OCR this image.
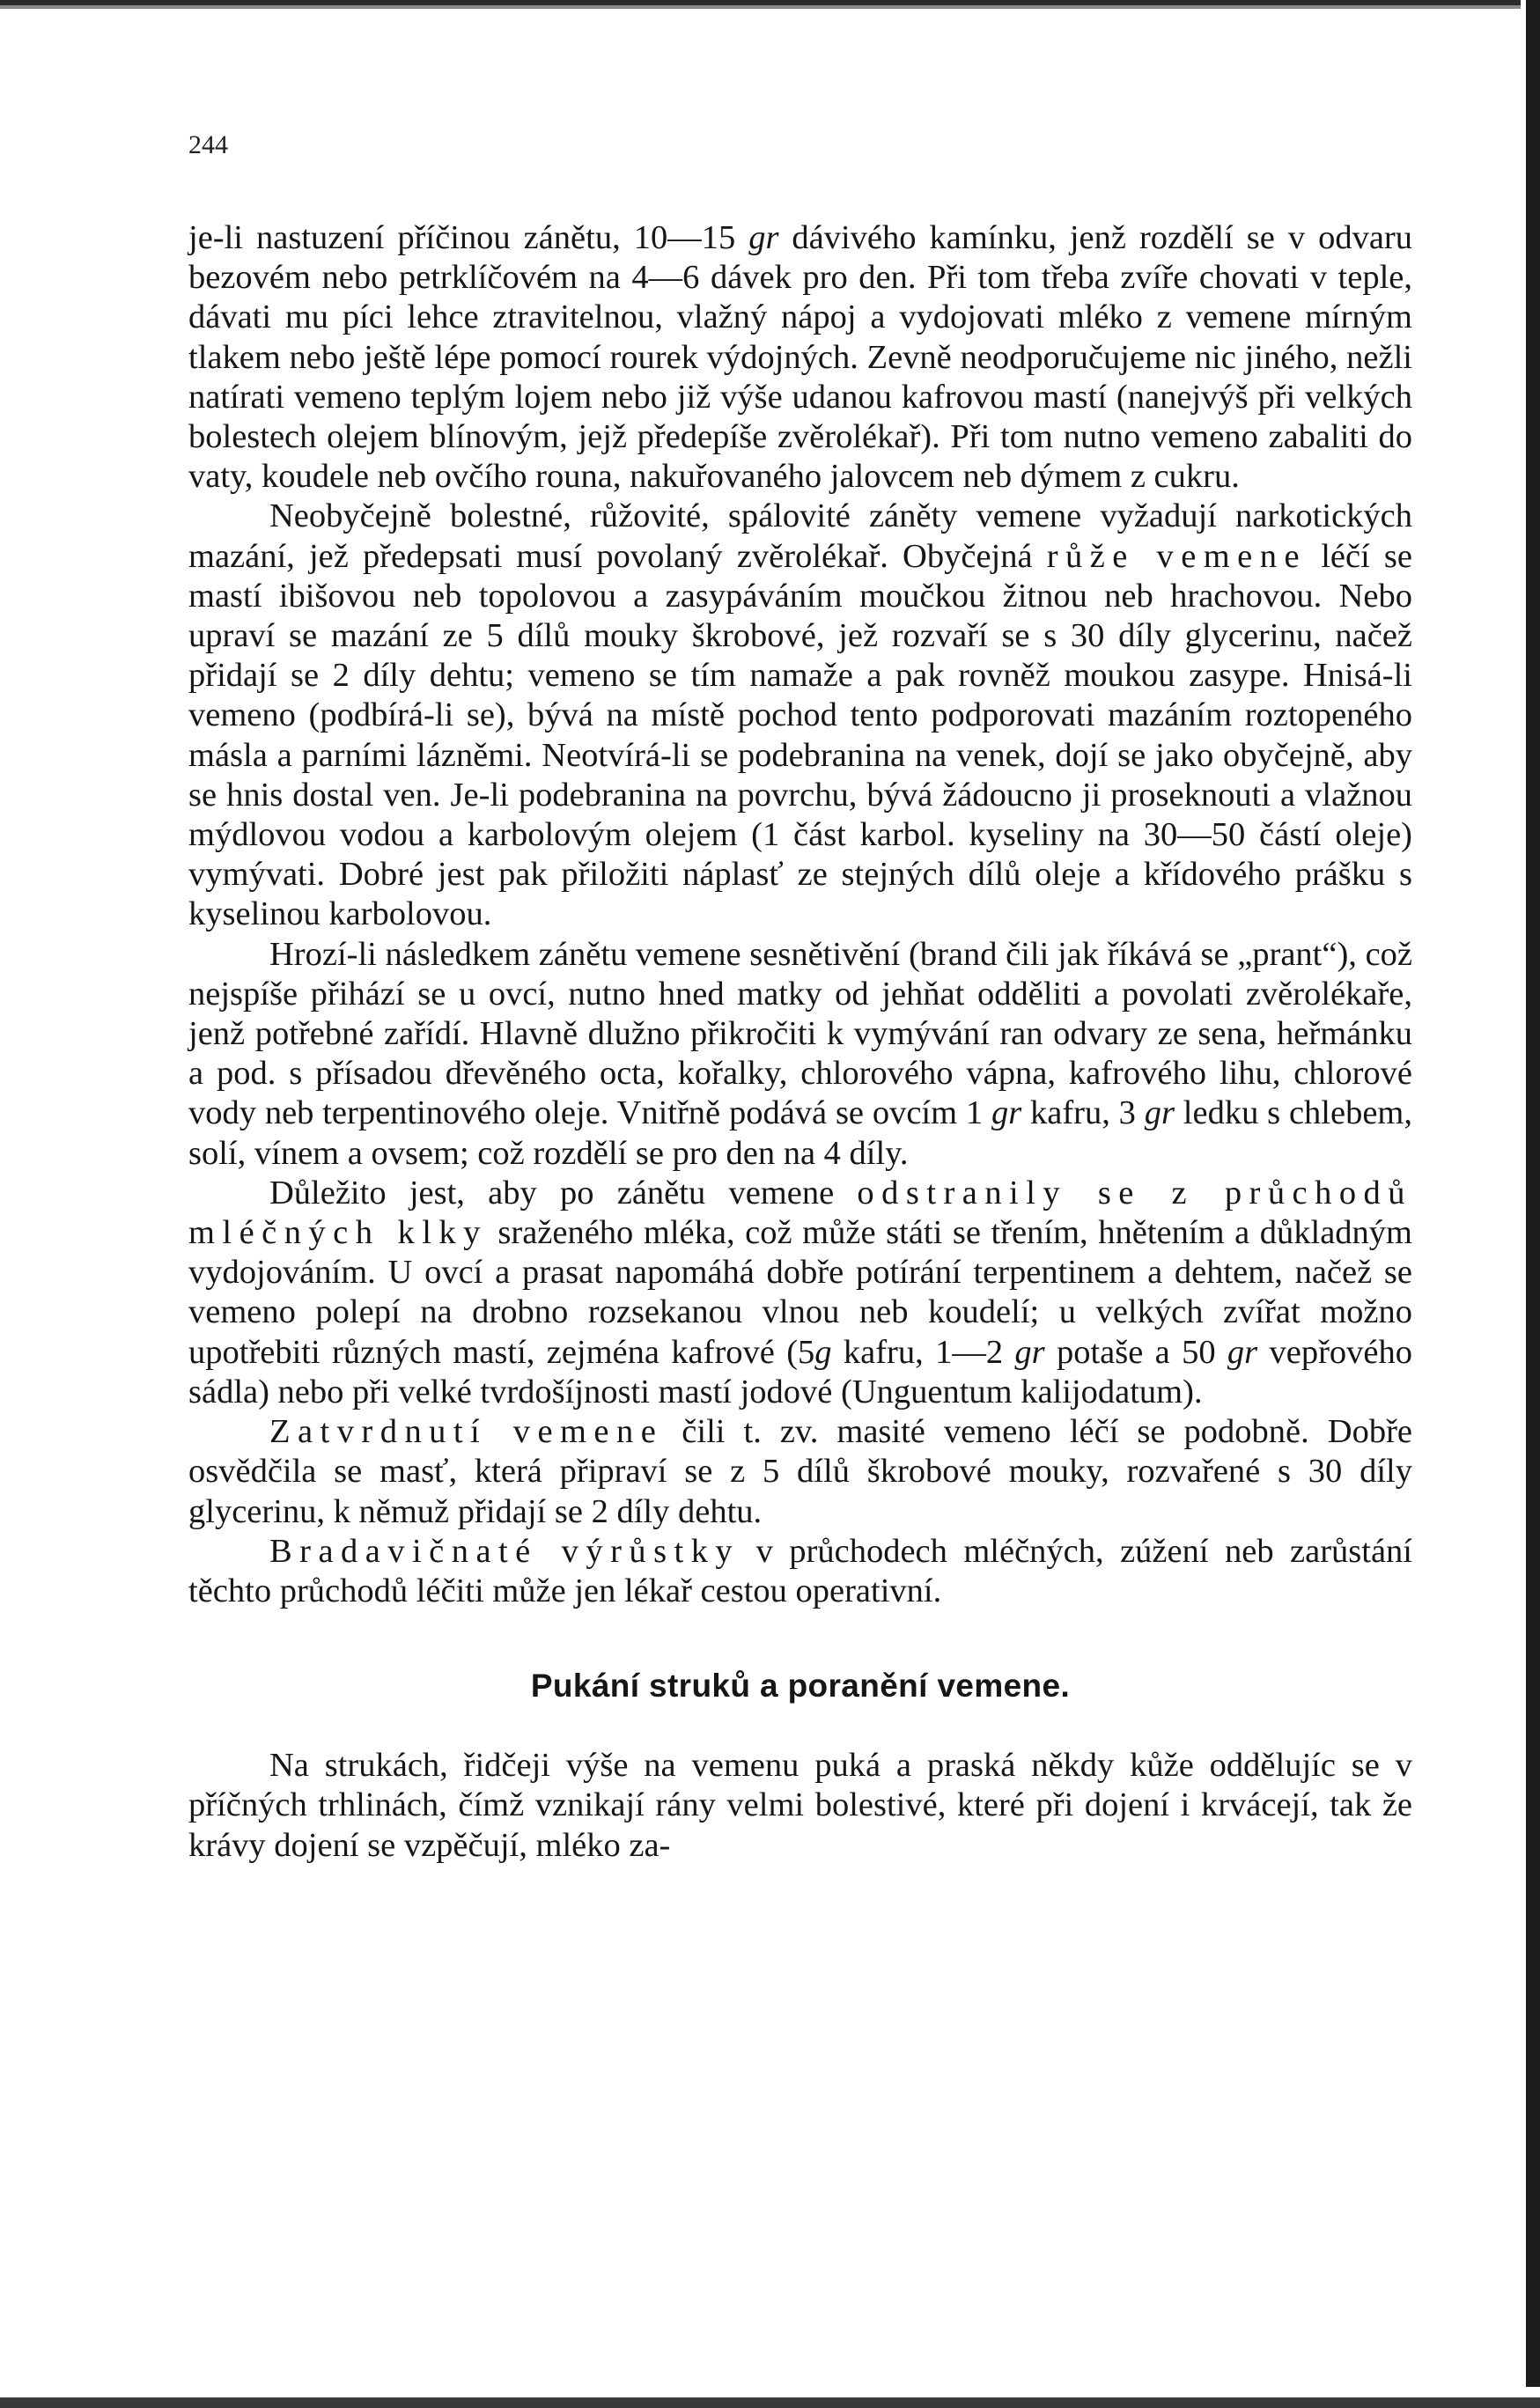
244

je-li nastuzení příčinou zánětu, 10—15 gr dávivého kamínku, jenž rozdělí se v odvaru bezovém nebo petrklíčovém na 4—6 dávek pro den. Při tom třeba zvíře chovati v teple, dávati mu píci lehce ztravitelnou, vlažný nápoj a vydojovati mléko z vemene mírným tlakem nebo ještě lépe pomocí rourek výdojných. Zevně neodporučujeme nic jiného, nežli natírati vemeno teplým lojem nebo již výše udanou kafrovou mastí (nanejvýš při velkých bolestech olejem blínovým, jejž předepíše zvěrolékař). Při tom nutno vemeno zabaliti do vaty, koudele neb ovčího rouna, nakuřovaného jalovcem neb dýmem z cukru.

Neobyčejně bolestné, růžovité, spálovité záněty vemene vyžadují narkotických mazání, jež předepsati musí povolaný zvěrolékař. Obyčejná růže vemene léčí se mastí ibišovou neb topolovou a zasypáváním moučkou žitnou neb hrachovou. Nebo upraví se mazání ze 5 dílů mouky škrobové, jež rozvaří se s 30 díly glycerinu, načež přidají se 2 díly dehtu; vemeno se tím namaže a pak rovněž moukou zasype. Hnisá-li vemeno (podbírá-li se), bývá na místě pochod tento podporovati mazáním roztopeného másla a parními lázněmi. Neotvírá-li se podebranina na venek, dojí se jako obyčejně, aby se hnis dostal ven. Je-li podebranina na povrchu, bývá žádoucno ji proseknouti a vlažnou mýdlovou vodou a karbolovým olejem (1 část karbol. kyseliny na 30—50 částí oleje) vymývati. Dobré jest pak přiložiti náplasť ze stejných dílů oleje a křídového prášku s kyselinou karbolovou.

Hrozí-li následkem zánětu vemene sesnětivění (brand čili jak říkává se „prant“), což nejspíše přihází se u ovcí, nutno hned matky od jehňat odděliti a povolati zvěrolékaře, jenž potřebné zařídí. Hlavně dlužno přikročiti k vymývání ran odvary ze sena, heřmánku a pod. s přísadou dřevěného octa, kořalky, chlorového vápna, kafrového lihu, chlorové vody neb terpentinového oleje. Vnitřně podává se ovcím 1 gr kafru, 3 gr ledku s chlebem, solí, vínem a ovsem; což rozdělí se pro den na 4 díly.

Důležito jest, aby po zánětu vemene odstranily se z průchodů mléčných klky sraženého mléka, což může státi se třením, hnětením a důkladným vydojováním. U ovcí a prasat napomáhá dobře potírání terpentinem a dehtem, načež se vemeno polepí na drobno rozsekanou vlnou neb koudelí; u velkých zvířat možno upotřebiti různých mastí, zejména kafrové (5g kafru, 1—2 gr potaše a 50 gr vepřového sádla) nebo při velké tvrdošíjnosti mastí jodové (Unguentum kalijodatum).

Zatvrdnutí vemene čili t. zv. masité vemeno léčí se podobně. Dobře osvědčila se masť, která připraví se z 5 dílů škrobové mouky, rozvařené s 30 díly glycerinu, k němuž přidají se 2 díly dehtu.

Bradavičnaté výrůstky v průchodech mléčných, zúžení neb zarůstání těchto průchodů léčiti může jen lékař cestou operativní.

Pukání struků a poranění vemene.

Na strukách, řidčeji výše na vemenu puká a praská někdy kůže oddělujíc se v příčných trhlinách, čímž vznikají rány velmi bolestivé, které při dojení i krvácejí, tak že krávy dojení se vzpěčují, mléko za-
